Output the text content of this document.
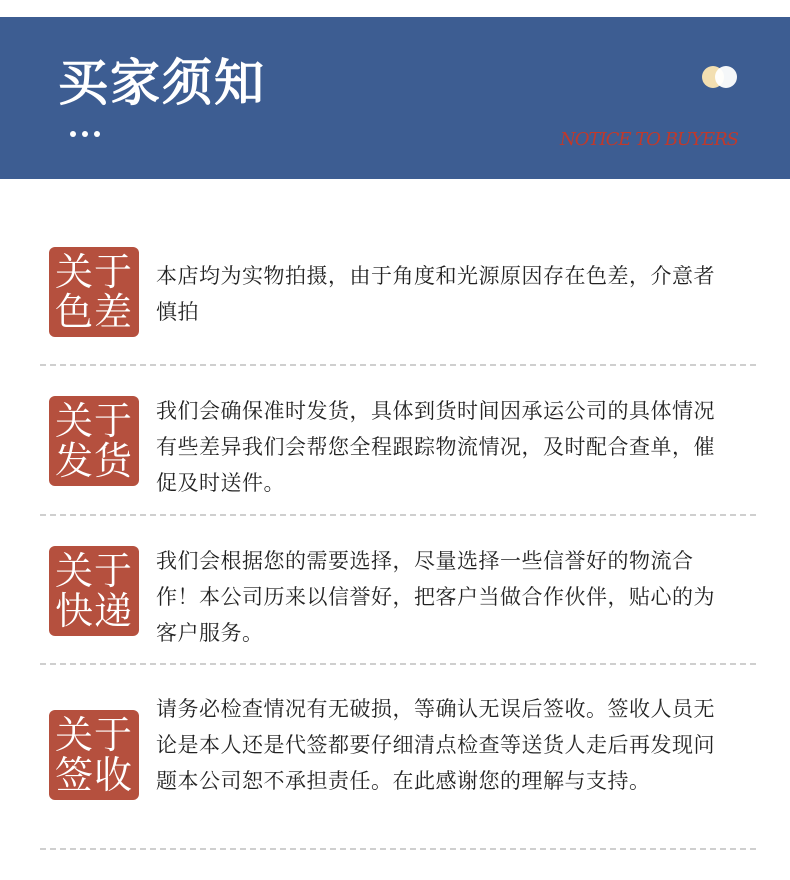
买家须知
NOTICE TO BUYERS
关于
色差
本店均为实物拍摄，由于角度和光源原因存在色差，介意者慎拍
关于
发货
我们会确保准时发货，具体到货时间因承运公司的具体情况有些差异我们会帮您全程跟踪物流情况，及时配合查单，催促及时送件。
关于
快递
我们会根据您的需要选择，尽量选择一些信誉好的物流合作！本公司历来以信誉好，把客户当做合作伙伴，贴心的为客户服务。
关于
签收
请务必检查情况有无破损，等确认无误后签收。签收人员无论是本人还是代签都要仔细清点检查等送货人走后再发现问题本公司恕不承担责任。在此感谢您的理解与支持。
